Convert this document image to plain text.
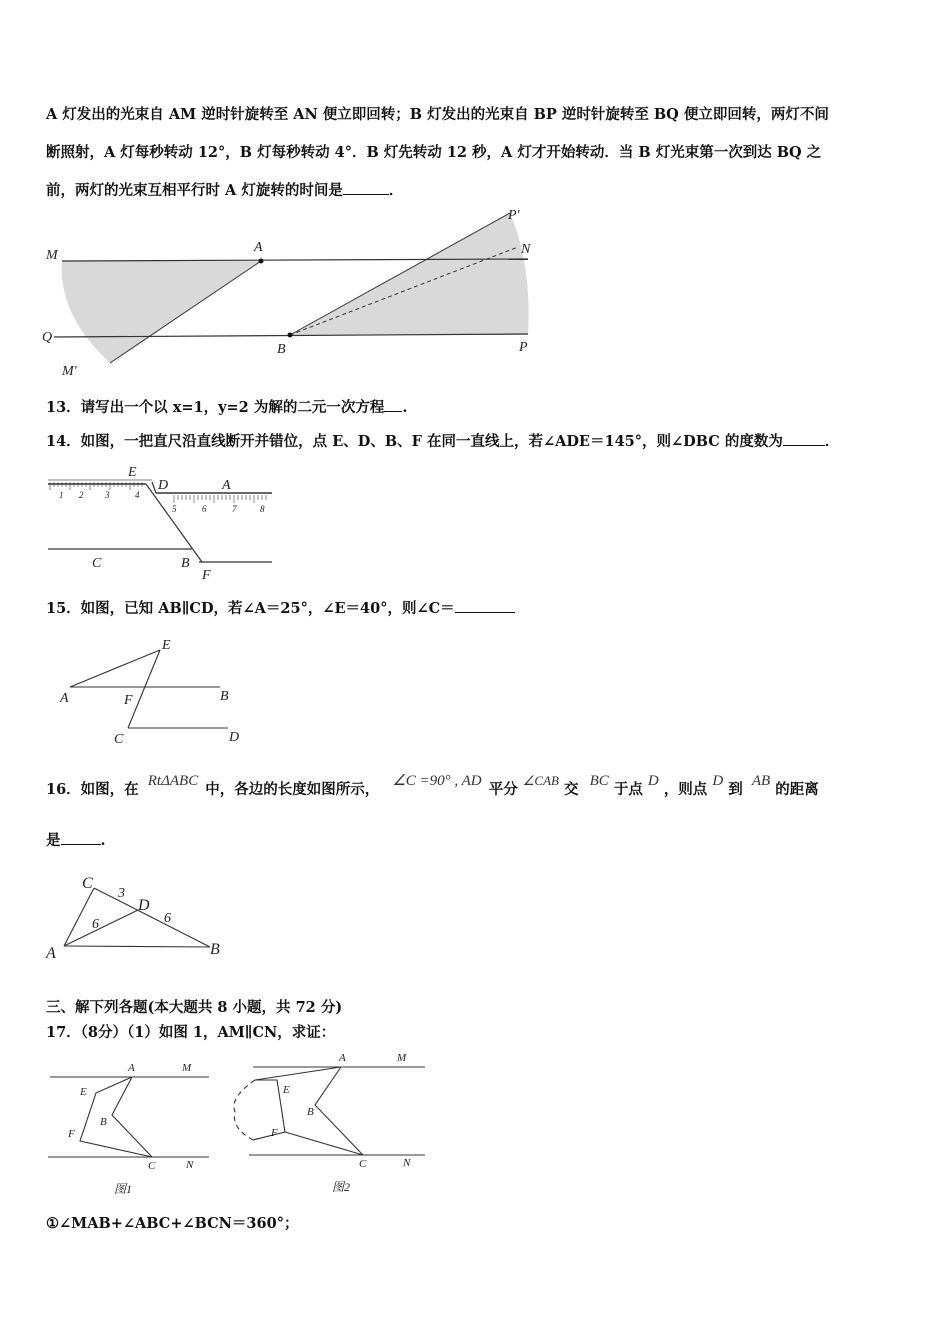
A 灯发出的光束自 AM 逆时针旋转至 AN 便立即回转；B 灯发出的光束自 BP 逆时针旋转至 BQ 便立即回转，两灯不间
断照射，A 灯每秒转动 12°，B 灯每秒转动 4°．B 灯先转动 12 秒，A 灯才开始转动．当 B 灯光束第一次到达 BQ 之
前，两灯的光束互相平行时 A 灯旋转的时间是	．
M
A
P′
N
Q
B	P
M′
13．请写出一个以 x=1，y=2 为解的二元一次方程 .
14．如图，一把直尺沿直线断开并错位，点 E、D、B、F 在同一直线上，若∠ADE＝145°，则∠DBC 的度数为	．
1 2 3	4
5	6	7	8
E
D	A
C	B
F
15．如图，已知 AB∥CD，若∠A＝25°，∠E＝40°，则∠C＝
E
A	F	B
C	D
16．如图，在 RtΔABC 中，各边的长度如图所示， ∠C =90° , AD 平分 ∠CAB 交 BC 于点 D ，则点 D 到 AB 的距离
是	.
C
3
D
6	6
A	B
三、解下列各题(本大题共 8 小题，共 72 分)
17．（8分）（1）如图 1，AM∥CN，求证：
A	M
E
B
F
C	N
图1
A	M
E
B
F
C	N
图2
①∠MAB+∠ABC+∠BCN＝360°；
